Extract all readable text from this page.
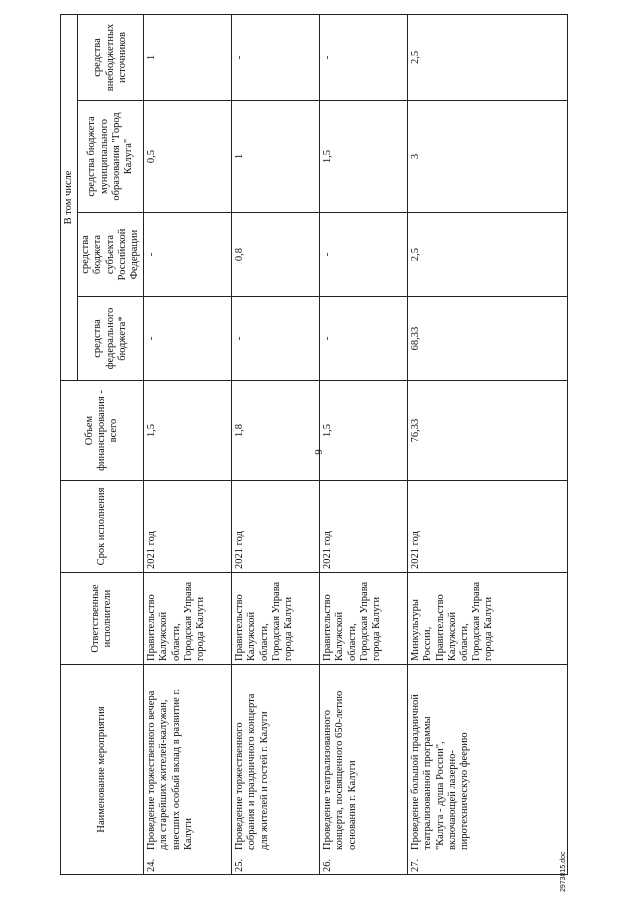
9
2973815.doc
Наименование мероприятия	Ответственные исполнители	Срок исполнения	Объем финансирования - всего	В том числе			
				средства федерального бюджета*	средства бюджета субъекта Российской Федерации	средства бюджета муниципального образования "Город Калуга"	средства внебюджетных источников
24.Проведение торжественного вечера для старейших жителей-калужан, внесших особый вклад в развитие г. Калуги	Правительство Калужской области, Городская Управа города Калуги	2021 год	1,5	-	-	0,5	1
25.Проведение торжественного собрания и праздничного концерта для жителей и гостей г. Калуги	Правительство Калужской области, Городская Управа города Калуги	2021 год	1,8	-	0,8	1	-
26.Проведение театрализованного концерта, посвященного 650-летию основания г. Калуги	Правительство Калужской области, Городская Управа города Калуги	2021 год	1,5	-	-	1,5	-
27.Проведение большой праздничной театрализованной программы "Калуга - душа России", включающей лазерно-пиротехническую феерию	Минкультуры России, Правительство Калужской области, Городская Управа города Калуги	2021 год	76,33	68,33	2,5	3	2,5
